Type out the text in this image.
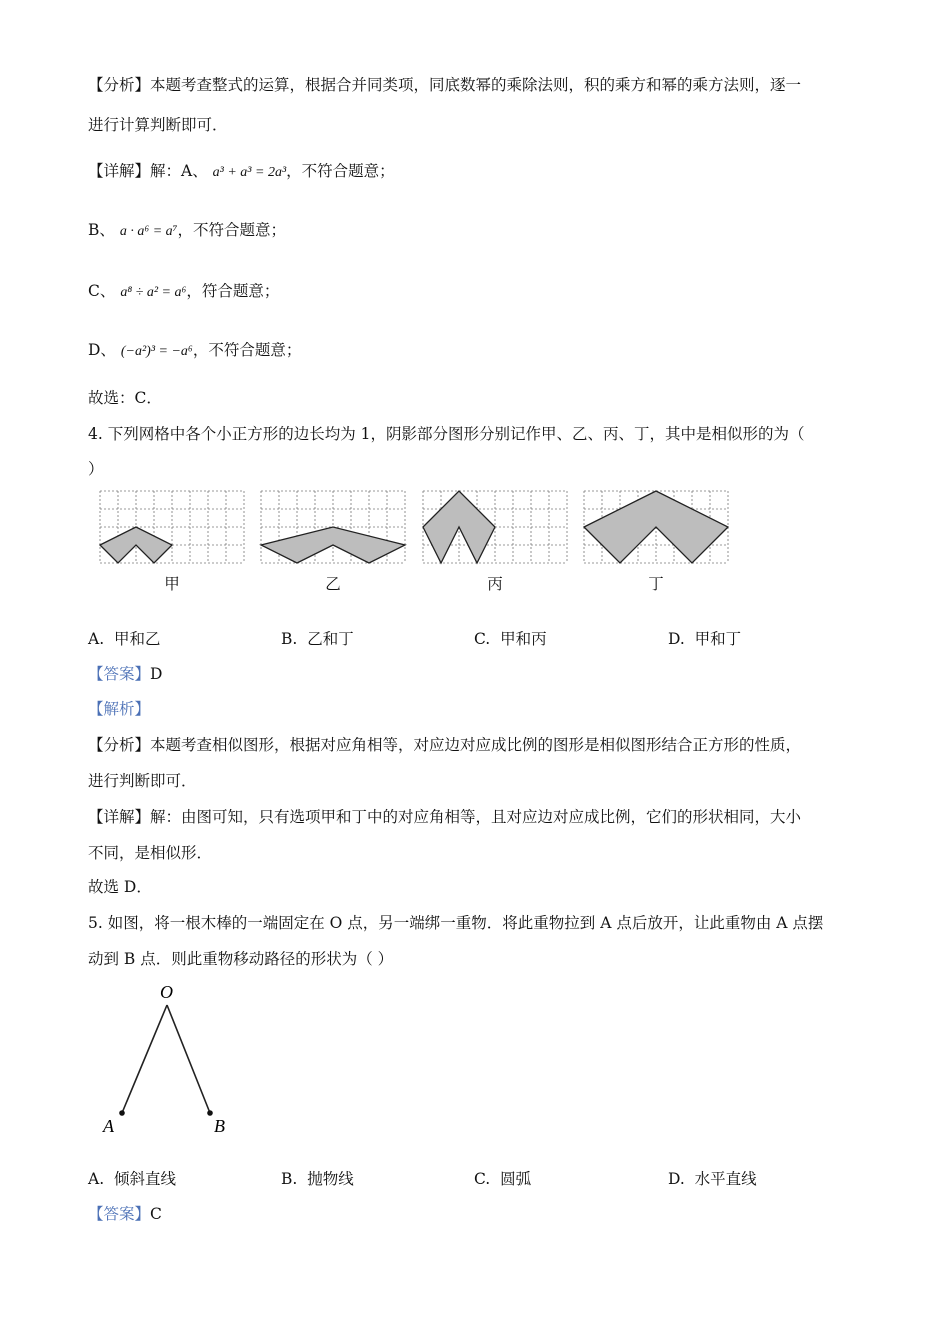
【分析】本题考查整式的运算，根据合并同类项，同底数幂的乘除法则，积的乘方和幂的乘方法则，逐一
进行计算判断即可．
【详解】解：A、 a³ + a³ = 2a³，不符合题意；
B、 a · a⁶ = a⁷，不符合题意；
C、 a⁸ ÷ a² = a⁶，符合题意；
D、 (−a²)³ = −a⁶，不符合题意；
故选：C．
4. 下列网格中各个小正方形的边长均为 1，阴影部分图形分别记作甲、乙、丙、丁，其中是相似形的为（
）
甲	乙	丙	丁
A. 甲和乙	B. 乙和丁	C. 甲和丙	D. 甲和丁
【答案】D
【解析】
【分析】本题考查相似图形，根据对应角相等，对应边对应成比例的图形是相似图形结合正方形的性质，
进行判断即可．
【详解】解：由图可知，只有选项甲和丁中的对应角相等，且对应边对应成比例，它们的形状相同，大小
不同，是相似形．
故选 D．
5. 如图，将一根木棒的一端固定在 O 点，另一端绑一重物．将此重物拉到 A 点后放开，让此重物由 A 点摆
动到 B 点．则此重物移动路径的形状为（ ）
O
A	B
A. 倾斜直线	B. 抛物线	C. 圆弧	D. 水平直线
【答案】C
